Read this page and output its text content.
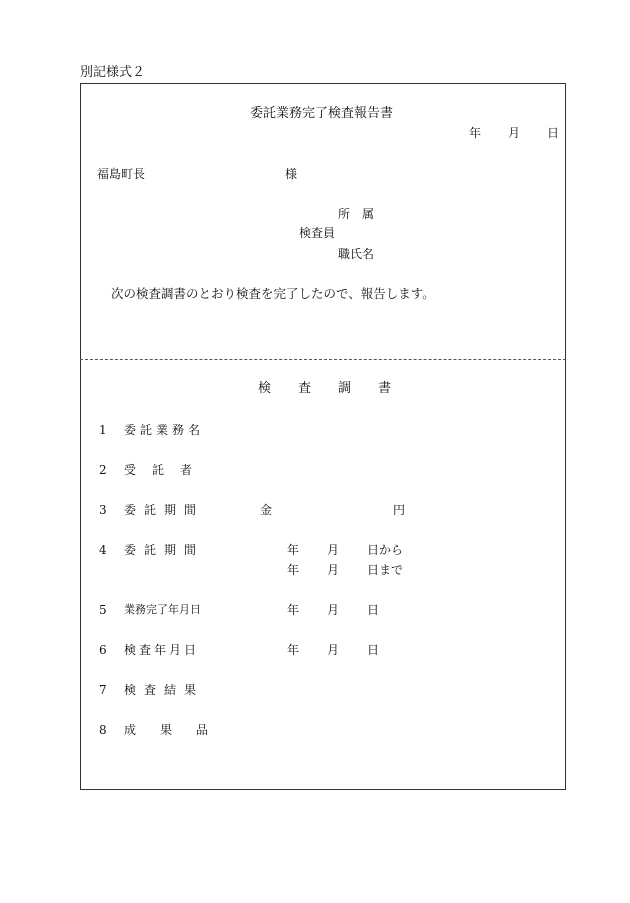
別記様式２
委託業務完了検査報告書
年 月 日
福島町長	様
所　属
検査員
職氏名
次の検査調書のとおり検査を完了したので、報告します。
検 査 調 書
1 委託業務名
2 受　託　者
3 委託期間	金	円
4 委託期間	年 月 日から
年 月 日まで
5 業務完了年月日	年 月 日
6 検査年月日	年 月 日
7 検査結果
8 成　果　品
